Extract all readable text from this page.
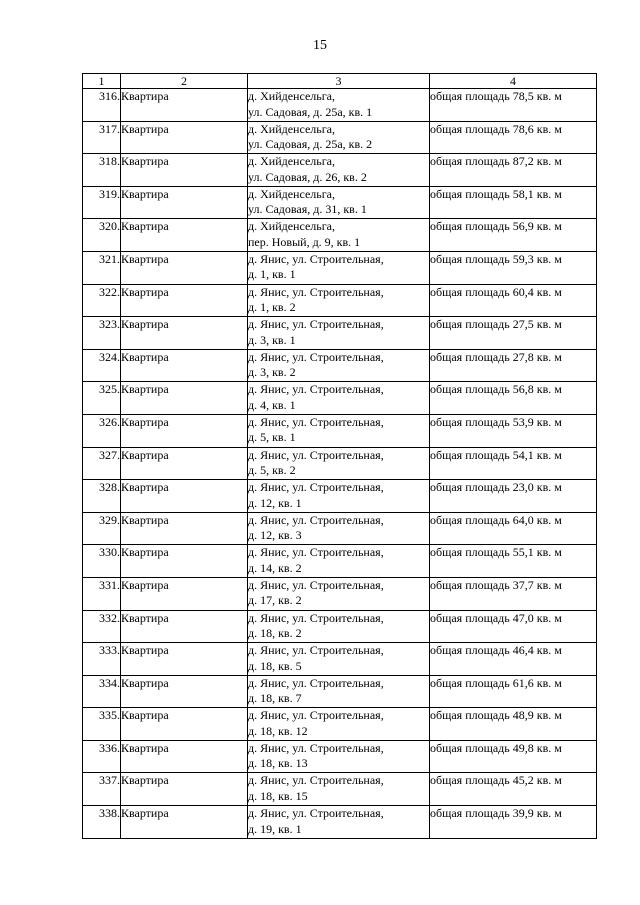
15
1	2	3	4
316.	Квартира	д. Хийденсельга,
ул. Садовая, д. 25а, кв. 1	общая площадь 78,5 кв. м
317.	Квартира	д. Хийденсельга,
ул. Садовая, д. 25а, кв. 2	общая площадь 78,6 кв. м
318.	Квартира	д. Хийденсельга,
ул. Садовая, д. 26, кв. 2	общая площадь 87,2 кв. м
319.	Квартира	д. Хийденсельга,
ул. Садовая, д. 31, кв. 1	общая площадь 58,1 кв. м
320.	Квартира	д. Хийденсельга,
пер. Новый, д. 9, кв. 1	общая площадь 56,9 кв. м
321.	Квартира	д. Янис, ул. Строительная,
д. 1, кв. 1	общая площадь 59,3 кв. м
322.	Квартира	д. Янис, ул. Строительная,
д. 1, кв. 2	общая площадь 60,4 кв. м
323.	Квартира	д. Янис, ул. Строительная,
д. 3, кв. 1	общая площадь 27,5 кв. м
324.	Квартира	д. Янис, ул. Строительная,
д. 3, кв. 2	общая площадь 27,8 кв. м
325.	Квартира	д. Янис, ул. Строительная,
д. 4, кв. 1	общая площадь 56,8 кв. м
326.	Квартира	д. Янис, ул. Строительная,
д. 5, кв. 1	общая площадь 53,9 кв. м
327.	Квартира	д. Янис, ул. Строительная,
д. 5, кв. 2	общая площадь 54,1 кв. м
328.	Квартира	д. Янис, ул. Строительная,
д. 12, кв. 1	общая площадь 23,0 кв. м
329.	Квартира	д. Янис, ул. Строительная,
д. 12, кв. 3	общая площадь 64,0 кв. м
330.	Квартира	д. Янис, ул. Строительная,
д. 14, кв. 2	общая площадь 55,1 кв. м
331.	Квартира	д. Янис, ул. Строительная,
д. 17, кв. 2	общая площадь 37,7 кв. м
332.	Квартира	д. Янис, ул. Строительная,
д. 18, кв. 2	общая площадь 47,0 кв. м
333.	Квартира	д. Янис, ул. Строительная,
д. 18, кв. 5	общая площадь 46,4 кв. м
334.	Квартира	д. Янис, ул. Строительная,
д. 18, кв. 7	общая площадь 61,6 кв. м
335.	Квартира	д. Янис, ул. Строительная,
д. 18, кв. 12	общая площадь 48,9 кв. м
336.	Квартира	д. Янис, ул. Строительная,
д. 18, кв. 13	общая площадь 49,8 кв. м
337.	Квартира	д. Янис, ул. Строительная,
д. 18, кв. 15	общая площадь 45,2 кв. м
338.	Квартира	д. Янис, ул. Строительная,
д. 19, кв. 1	общая площадь 39,9 кв. м
